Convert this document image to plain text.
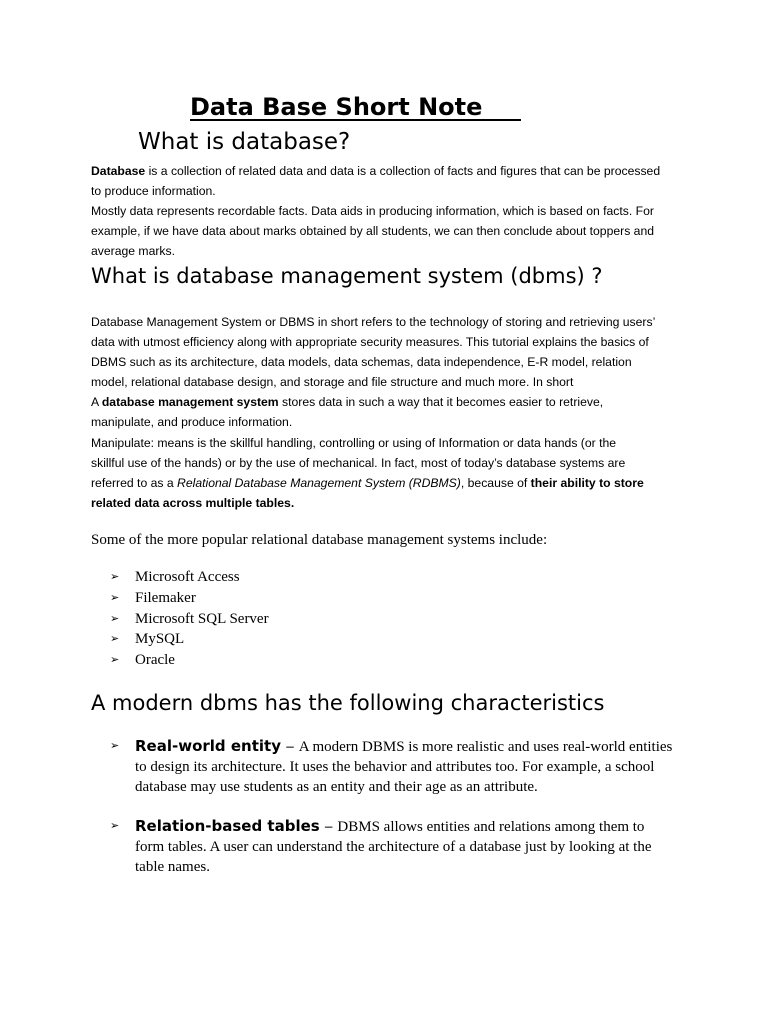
Data Base Short Note
What is database?
Database is a collection of related data and data is a collection of facts and figures that can be processed
to produce information.
Mostly data represents recordable facts. Data aids in producing information, which is based on facts. For
example, if we have data about marks obtained by all students, we can then conclude about toppers and
average marks.
What is database management system (dbms) ?
Database Management System or DBMS in short refers to the technology of storing and retrieving users’
data with utmost efficiency along with appropriate security measures. This tutorial explains the basics of
DBMS such as its architecture, data models, data schemas, data independence, E-R model, relation
model, relational database design, and storage and file structure and much more. In short
A database management system stores data in such a way that it becomes easier to retrieve,
manipulate, and produce information.
Manipulate: means is the skillful handling, controlling or using of Information or data hands (or the
skillful use of the hands) or by the use of mechanical. In fact, most of today’s database systems are
referred to as a Relational Database Management System (RDBMS), because of their ability to store
related data across multiple tables.
Some of the more popular relational database management systems include:
➢ Microsoft Access
➢ Filemaker
➢ Microsoft SQL Server
➢ MySQL
➢ Oracle
A modern dbms has the following characteristics
➢	Real-world entity − A modern DBMS is more realistic and uses real-world entities
to design its architecture. It uses the behavior and attributes too. For example, a school
database may use students as an entity and their age as an attribute.
➢	Relation-based tables − DBMS allows entities and relations among them to
form tables. A user can understand the architecture of a database just by looking at the
table names.
